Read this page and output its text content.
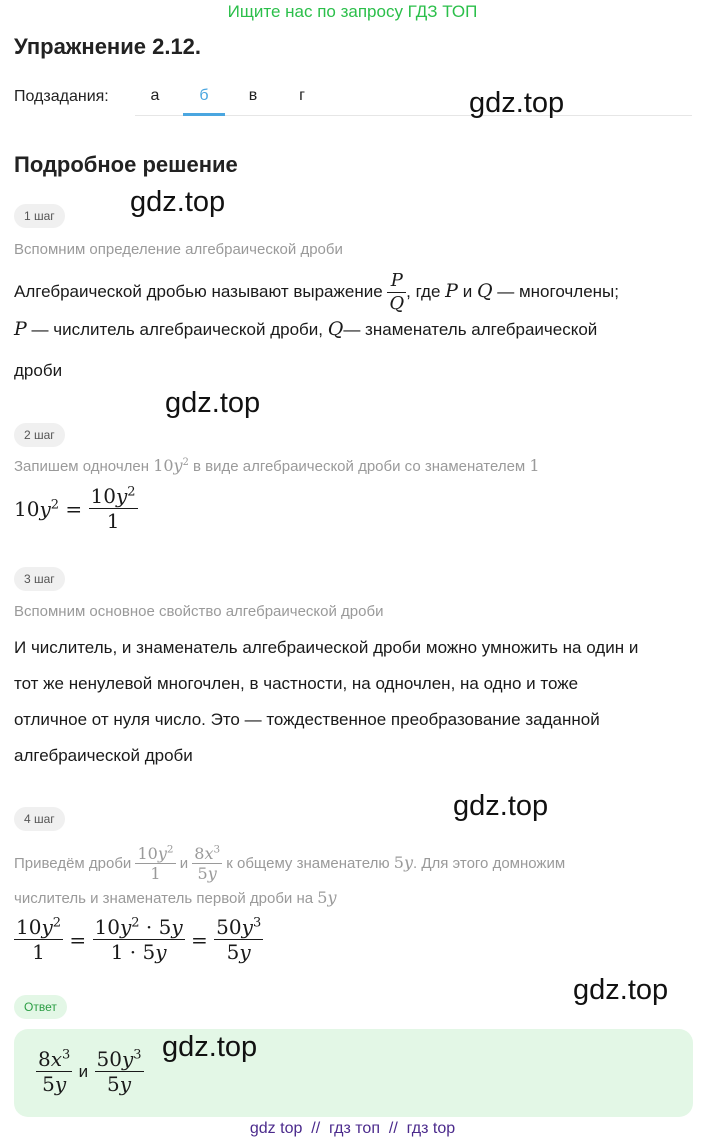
Ищите нас по запросу ГДЗ ТОП
Упражнение 2.12.
Подзадания:	а	б	в	г	gdz.top
Подробное решение
gdz.top
1 шаг
Вспомним определение алгебраической дроби
Алгебраической дробью называют выражение $\frac{P}{Q}$ , где P и Q — многочлены;
P — числитель алгебраической дроби, Q— знаменатель алгебраической
дроби
gdz.top
2 шаг
Запишем одночлен $10y^2$ в виде алгебраической дроби со знаменателем 1
$10y^2 = \frac{10y^2}{1}$
3 шаг
Вспомним основное свойство алгебраической дроби
И числитель, и знаменатель алгебраической дроби можно умножить на один и
тот же ненулевой многочлен, в частности, на одночлен, на одно и тоже
отличное от нуля число. Это — тождественное преобразование заданной
алгебраической дроби
gdz.top
4 шаг
Приведём дроби $\frac{10y^2}{1}$ и $\frac{8x^3}{5y}$ к общему знаменателю 5y. Для этого домножим
числитель и знаменатель первой дроби на 5y
$\frac{10y^2}{1} = \frac{10y^2 \cdot 5y}{1 \cdot 5y} = \frac{50y^3}{5y}$
Ответ
gdz.top
$\frac{8x^3}{5y}$ и $\frac{50y^3}{5y}$
gdz.top
gdz top  //  гдз топ  //  гдз top
